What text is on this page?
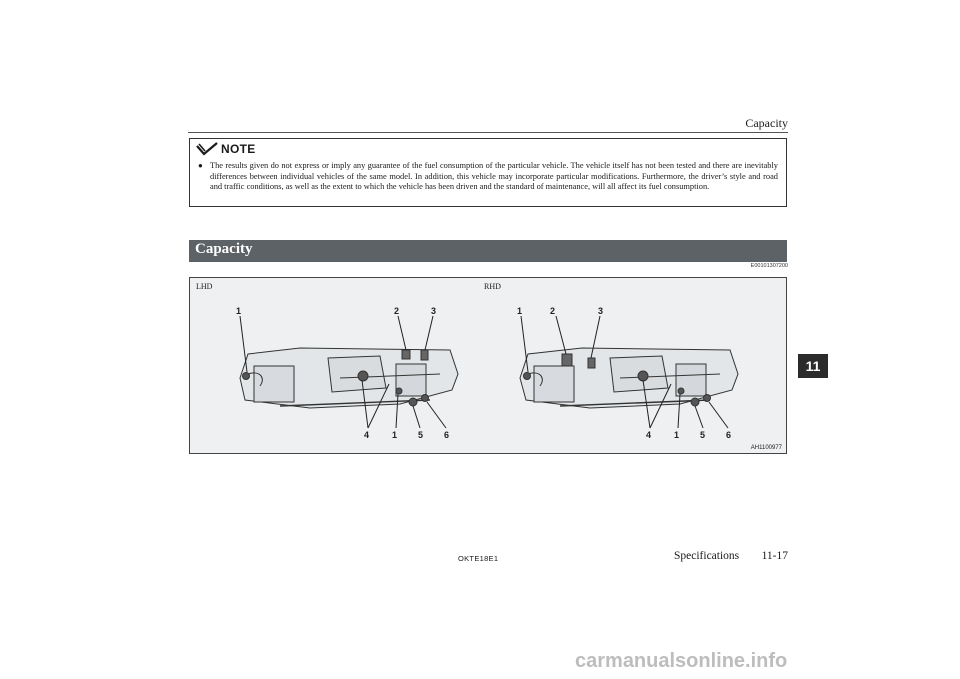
Capacity
NOTE
● The results given do not express or imply any guarantee of the fuel consumption of the particular vehicle. The vehicle itself has not been tested and there are inevitably differences between individual vehicles of the same model. In addition, this vehicle may incorporate particular modifications. Furthermore, the driver’s style and road and traffic conditions, as well as the extent to which the vehicle has been driven and the standard of maintenance, will all affect its fuel consumption.
Capacity
E00101307200
LHD	RHD
AH1100977
1	2	3
4	1 5 6
1	2	3
4	1 5 6
11
OKTE18E1	Specifications	11-17
carmanualsonline.info
